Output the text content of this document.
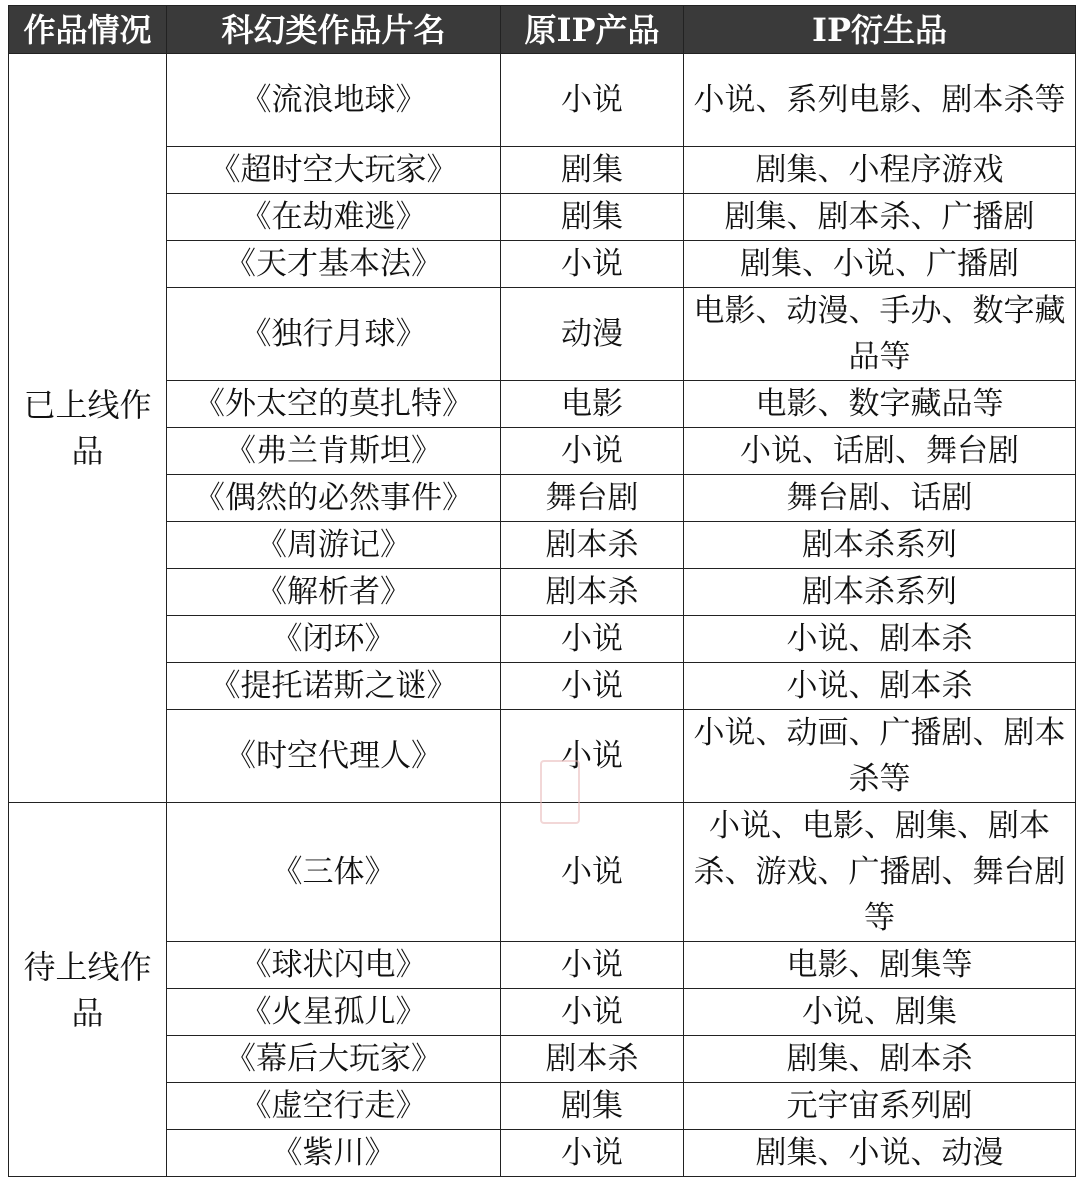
作品情况	科幻类作品片名	原IP产品	IP衍生品
已上线作品	《流浪地球》	小说	小说、系列电影、剧本杀等
	《超时空大玩家》	剧集	剧集、小程序游戏
	《在劫难逃》	剧集	剧集、剧本杀、广播剧
	《天才基本法》	小说	剧集、小说、广播剧
	《独行月球》	动漫	电影、动漫、手办、数字藏品等
	《外太空的莫扎特》	电影	电影、数字藏品等
	《弗兰肯斯坦》	小说	小说、话剧、舞台剧
	《偶然的必然事件》	舞台剧	舞台剧、话剧
	《周游记》	剧本杀	剧本杀系列
	《解析者》	剧本杀	剧本杀系列
	《闭环》	小说	小说、剧本杀
	《提托诺斯之谜》	小说	小说、剧本杀
	《时空代理人》	小说	小说、动画、广播剧、剧本杀等
待上线作品	《三体》	小说	小说、电影、剧集、剧本杀、游戏、广播剧、舞台剧等
	《球状闪电》	小说	电影、剧集等
	《火星孤儿》	小说	小说、剧集
	《幕后大玩家》	剧本杀	剧集、剧本杀
	《虚空行走》	剧集	元宇宙系列剧
	《紫川》	小说	剧集、小说、动漫
